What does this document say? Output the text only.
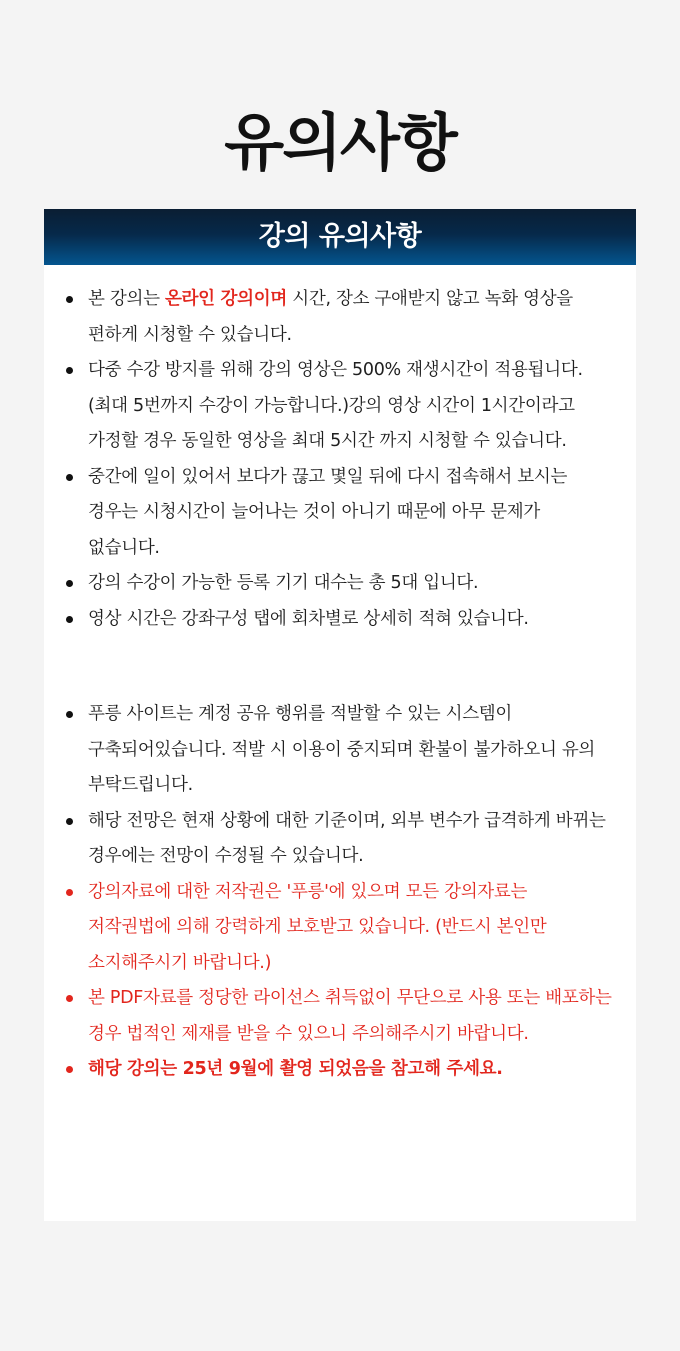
유의사항
강의 유의사항
본 강의는 온라인 강의이며 시간, 장소 구애받지 않고 녹화 영상을 편하게 시청할 수 있습니다.
다중 수강 방지를 위해 강의 영상은 500% 재생시간이 적용됩니다. (최대 5번까지 수강이 가능합니다.)강의 영상 시간이 1시간이라고 가정할 경우 동일한 영상을 최대 5시간 까지 시청할 수 있습니다.
중간에 일이 있어서 보다가 끊고 몇일 뒤에 다시 접속해서 보시는 경우는 시청시간이 늘어나는 것이 아니기 때문에 아무 문제가 없습니다.
강의 수강이 가능한 등록 기기 대수는 총 5대 입니다.
영상 시간은 강좌구성 탭에 회차별로 상세히 적혀 있습니다.
푸릉 사이트는 계정 공유 행위를 적발할 수 있는 시스템이 구축되어있습니다. 적발 시 이용이 중지되며 환불이 불가하오니 유의 부탁드립니다.
해당 전망은 현재 상황에 대한 기준이며, 외부 변수가 급격하게 바뀌는 경우에는 전망이 수정될 수 있습니다.
강의자료에 대한 저작권은 '푸릉'에 있으며 모든 강의자료는 저작권법에 의해 강력하게 보호받고 있습니다. (반드시 본인만 소지해주시기 바랍니다.)
본 PDF자료를 정당한 라이선스 취득없이 무단으로 사용 또는 배포하는 경우 법적인 제재를 받을 수 있으니 주의해주시기 바랍니다.
해당 강의는 25년 9월에 촬영 되었음을 참고해 주세요.
